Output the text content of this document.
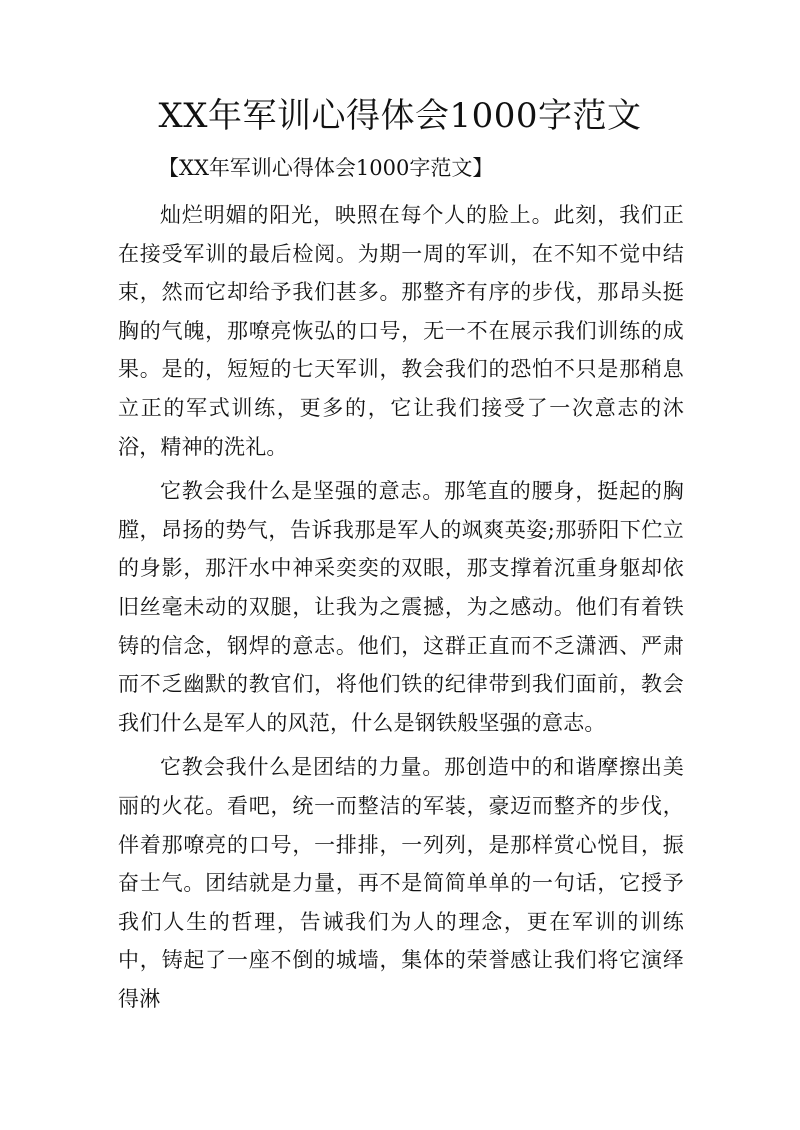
XX年军训心得体会1000字范文

【XX年军训心得体会1000字范文】

灿烂明媚的阳光，映照在每个人的脸上。此刻，我们正在接受军训的最后检阅。为期一周的军训，在不知不觉中结束，然而它却给予我们甚多。那整齐有序的步伐，那昂头挺胸的气魄，那嘹亮恢弘的口号，无一不在展示我们训练的成果。是的，短短的七天军训，教会我们的恐怕不只是那稍息立正的军式训练，更多的，它让我们接受了一次意志的沐浴，精神的洗礼。

它教会我什么是坚强的意志。那笔直的腰身，挺起的胸膛，昂扬的势气，告诉我那是军人的飒爽英姿;那骄阳下伫立的身影，那汗水中神采奕奕的双眼，那支撑着沉重身躯却依旧丝毫未动的双腿，让我为之震撼，为之感动。他们有着铁铸的信念，钢焊的意志。他们，这群正直而不乏潇洒、严肃而不乏幽默的教官们，将他们铁的纪律带到我们面前，教会我们什么是军人的风范，什么是钢铁般坚强的意志。

它教会我什么是团结的力量。那创造中的和谐摩擦出美丽的火花。看吧，统一而整洁的军装，豪迈而整齐的步伐，伴着那嘹亮的口号，一排排，一列列，是那样赏心悦目，振奋士气。团结就是力量，再不是简简单单的一句话，它授予我们人生的哲理，告诫我们为人的理念，更在军训的训练中，铸起了一座不倒的城墙，集体的荣誉感让我们将它演绎得淋
